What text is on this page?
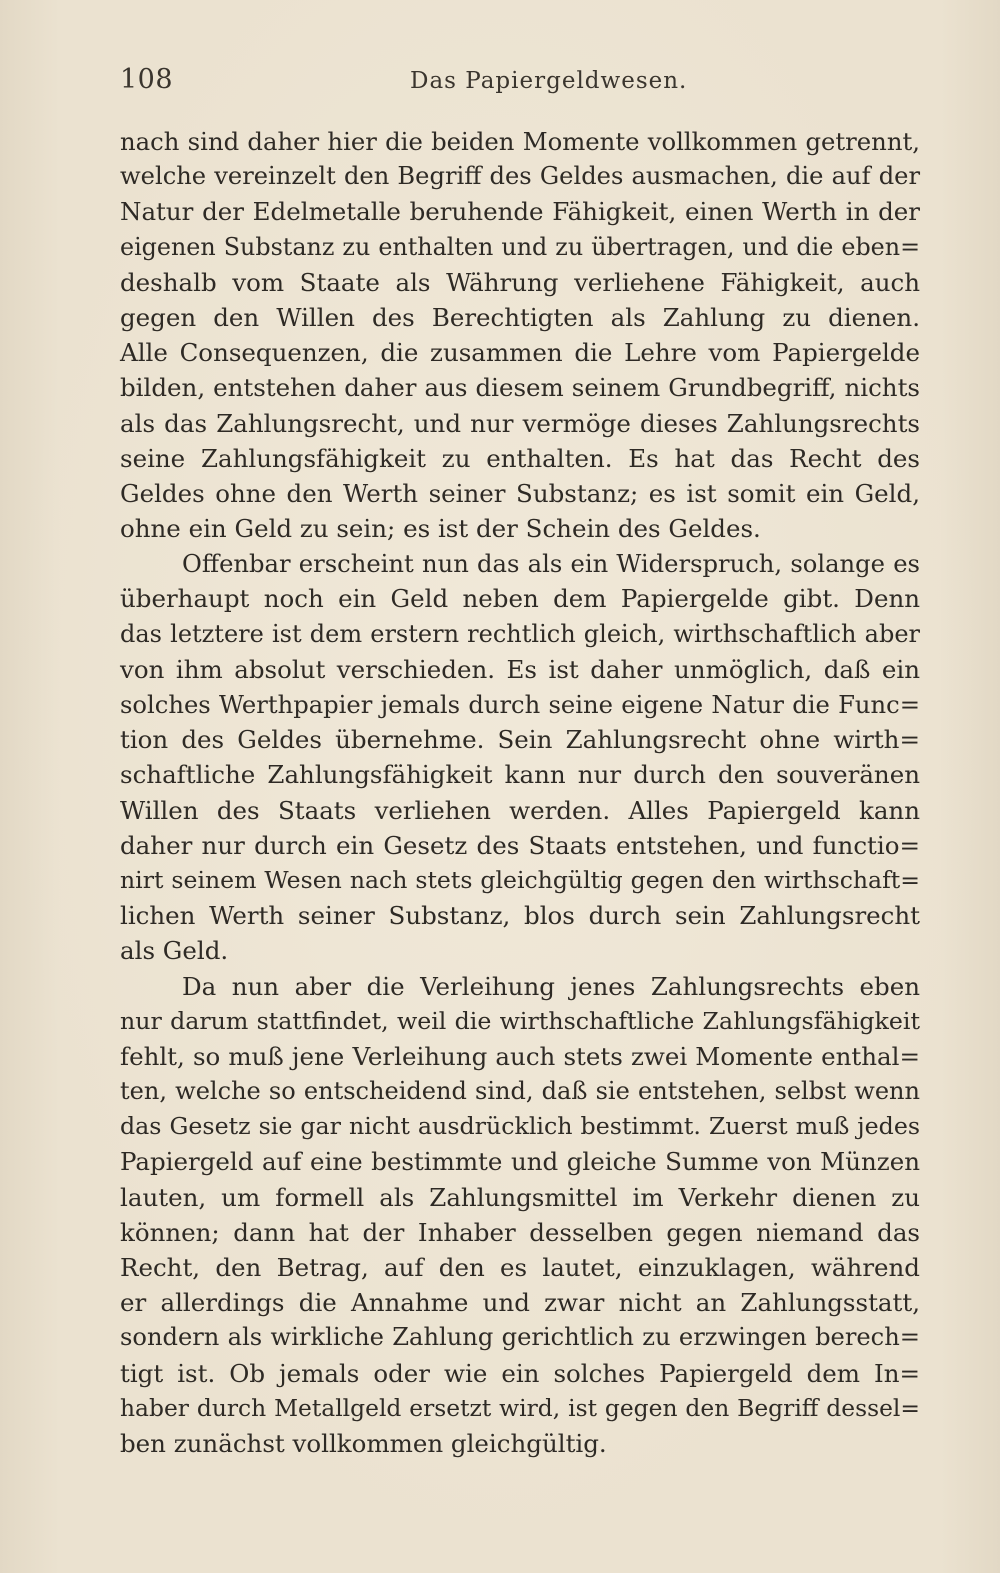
108	Das Papiergeldwesen.
nach sind daher hier die beiden Momente vollkommen getrennt,
welche vereinzelt den Begriff des Geldes ausmachen, die auf der
Natur der Edelmetalle beruhende Fähigkeit, einen Werth in der
eigenen Substanz zu enthalten und zu übertragen, und die eben=
deshalb vom Staate als Währung verliehene Fähigkeit, auch
gegen den Willen des Berechtigten als Zahlung zu dienen.
Alle Consequenzen, die zusammen die Lehre vom Papiergelde
bilden, entstehen daher aus diesem seinem Grundbegriff, nichts
als das Zahlungsrecht, und nur vermöge dieses Zahlungsrechts
seine Zahlungsfähigkeit zu enthalten. Es hat das Recht des
Geldes ohne den Werth seiner Substanz; es ist somit ein Geld,
ohne ein Geld zu sein; es ist der Schein des Geldes.
Offenbar erscheint nun das als ein Widerspruch, solange es
überhaupt noch ein Geld neben dem Papiergelde gibt. Denn
das letztere ist dem erstern rechtlich gleich, wirthschaftlich aber
von ihm absolut verschieden. Es ist daher unmöglich, daß ein
solches Werthpapier jemals durch seine eigene Natur die Func=
tion des Geldes übernehme. Sein Zahlungsrecht ohne wirth=
schaftliche Zahlungsfähigkeit kann nur durch den souveränen
Willen des Staats verliehen werden. Alles Papiergeld kann
daher nur durch ein Gesetz des Staats entstehen, und functio=
nirt seinem Wesen nach stets gleichgültig gegen den wirthschaft=
lichen Werth seiner Substanz, blos durch sein Zahlungsrecht
als Geld.
Da nun aber die Verleihung jenes Zahlungsrechts eben
nur darum stattfindet, weil die wirthschaftliche Zahlungsfähigkeit
fehlt, so muß jene Verleihung auch stets zwei Momente enthal=
ten, welche so entscheidend sind, daß sie entstehen, selbst wenn
das Gesetz sie gar nicht ausdrücklich bestimmt. Zuerst muß jedes
Papiergeld auf eine bestimmte und gleiche Summe von Münzen
lauten, um formell als Zahlungsmittel im Verkehr dienen zu
können; dann hat der Inhaber desselben gegen niemand das
Recht, den Betrag, auf den es lautet, einzuklagen, während
er allerdings die Annahme und zwar nicht an Zahlungsstatt,
sondern als wirkliche Zahlung gerichtlich zu erzwingen berech=
tigt ist. Ob jemals oder wie ein solches Papiergeld dem In=
haber durch Metallgeld ersetzt wird, ist gegen den Begriff dessel=
ben zunächst vollkommen gleichgültig.
